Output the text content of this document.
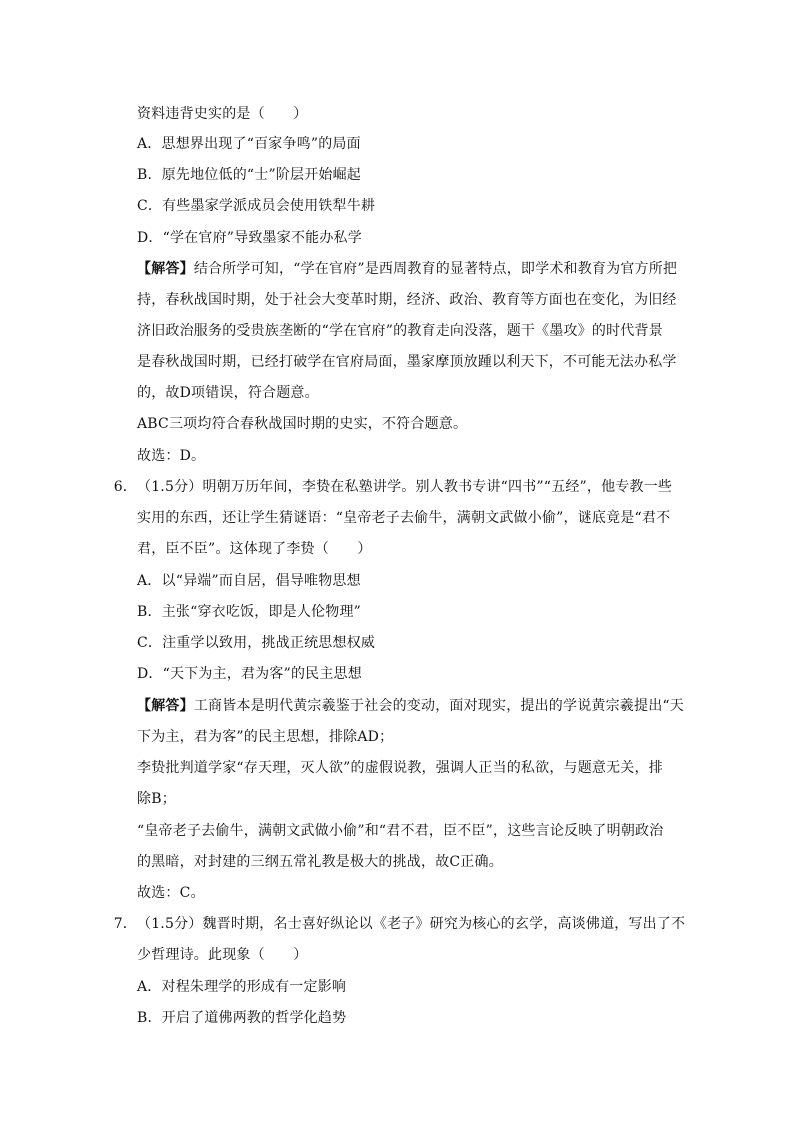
资料违背史实的是（　　）
A．思想界出现了“百家争鸣”的局面
B．原先地位低的“士”阶层开始崛起
C．有些墨家学派成员会使用铁犁牛耕
D．“学在官府”导致墨家不能办私学
【解答】结合所学可知，“学在官府”是西周教育的显著特点，即学术和教育为官方所把
持，春秋战国时期，处于社会大变革时期，经济、政治、教育等方面也在变化，为旧经
济旧政治服务的受贵族垄断的“学在官府”的教育走向没落，题干《墨攻》的时代背景
是春秋战国时期，已经打破学在官府局面，墨家摩顶放踵以利天下，不可能无法办私学
的，故D项错误，符合题意。
ABC三项均符合春秋战国时期的史实，不符合题意。
故选：D。
6．（1.5分）明朝万历年间，李贽在私塾讲学。别人教书专讲“四书”“五经”，他专教一些
实用的东西，还让学生猜谜语：“皇帝老子去偷牛，满朝文武做小偷”，谜底竟是“君不
君，臣不臣”。这体现了李贽（　　）
A．以“异端”而自居，倡导唯物思想
B．主张“穿衣吃饭，即是人伦物理”
C．注重学以致用，挑战正统思想权威
D．“天下为主，君为客”的民主思想
【解答】工商皆本是明代黄宗羲鉴于社会的变动，面对现实，提出的学说黄宗羲提出“天
下为主，君为客”的民主思想，排除AD；
李贽批判道学家“存天理，灭人欲”的虚假说教，强调人正当的私欲，与题意无关，排
除B；
“皇帝老子去偷牛，满朝文武做小偷”和“君不君，臣不臣”，这些言论反映了明朝政治
的黑暗，对封建的三纲五常礼教是极大的挑战，故C正确。
故选：C。
7．（1.5分）魏晋时期，名士喜好纵论以《老子》研究为核心的玄学，高谈佛道，写出了不
少哲理诗。此现象（　　）
A．对程朱理学的形成有一定影响
B．开启了道佛两教的哲学化趋势
